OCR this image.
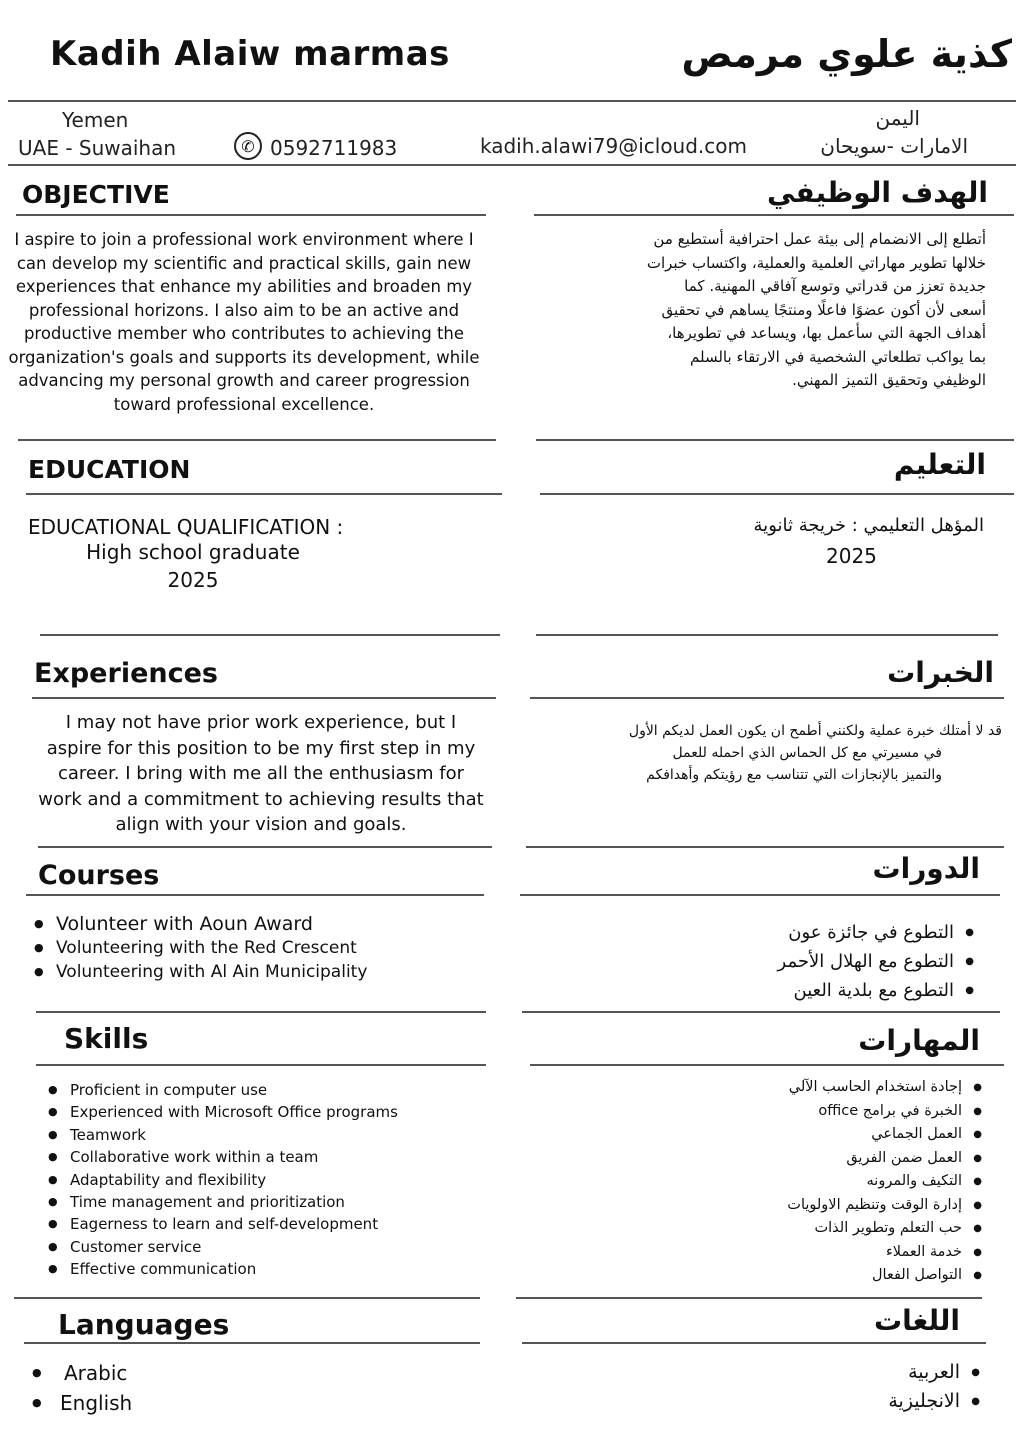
Kadih Alaiw marmas	كذية علوي مرمص
Yemen
UAE - Suwaihan	✆ 0592711983	kadih.alawi79@icloud.com
اليمن
الامارات -سويحان
OBJECTIVE	الهدف الوظيفي
I aspire to join a professional work environment where I can develop my scientific and practical skills, gain new experiences that enhance my abilities and broaden my professional horizons. I also aim to be an active and productive member who contributes to achieving the organization's goals and supports its development, while advancing my personal growth and career progression toward professional excellence.
أتطلع إلى الانضمام إلى بيئة عمل احترافية أستطيع من خلالها تطوير مهاراتي العلمية والعملية، واكتساب خبرات جديدة تعزز من قدراتي وتوسع آفاقي المهنية. كما أسعى لأن أكون عضوًا فاعلًا ومنتجًا يساهم في تحقيق أهداف الجهة التي سأعمل بها، ويساعد في تطويرها، بما يواكب تطلعاتي الشخصية في الارتقاء بالسلم الوظيفي وتحقيق التميز المهني.
EDUCATION	التعليم
EDUCATIONAL QUALIFICATION :
High school graduate
2025
المؤهل التعليمي : خريجة ثانوية
2025
Experiences	الخبرات
I may not have prior work experience, but I aspire for this position to be my first step in my career. I bring with me all the enthusiasm for work and a commitment to achieving results that align with your vision and goals.
قد لا أمتلك خبرة عملية ولكنني أطمح ان يكون العمل لديكم الأول
في مسيرتي مع كل الحماس الذي احمله للعمل
والتميز بالإنجازات التي تتناسب مع رؤيتكم وأهدافكم
Courses	الدورات
● Volunteer with Aoun Award
● Volunteering with the Red Crescent
● Volunteering with Al Ain Municipality
● التطوع في جائزة عون
● التطوع مع الهلال الأحمر
● التطوع مع بلدية العين
Skills	المهارات
● Proficient in computer use
● Experienced with Microsoft Office programs
● Teamwork
● Collaborative work within a team
● Adaptability and flexibility
● Time management and prioritization
● Eagerness to learn and self-development
● Customer service
● Effective communication
● إجادة استخدام الحاسب الآلي
● الخبرة في برامج office
● العمل الجماعي
● العمل ضمن الفريق
● التكيف والمرونه
● إدارة الوقت وتنظيم الاولويات
● حب التعلم وتطوير الذات
● خدمة العملاء
● التواصل الفعال
Languages	اللغات
● Arabic
● English
● العربية
● الانجليزية
